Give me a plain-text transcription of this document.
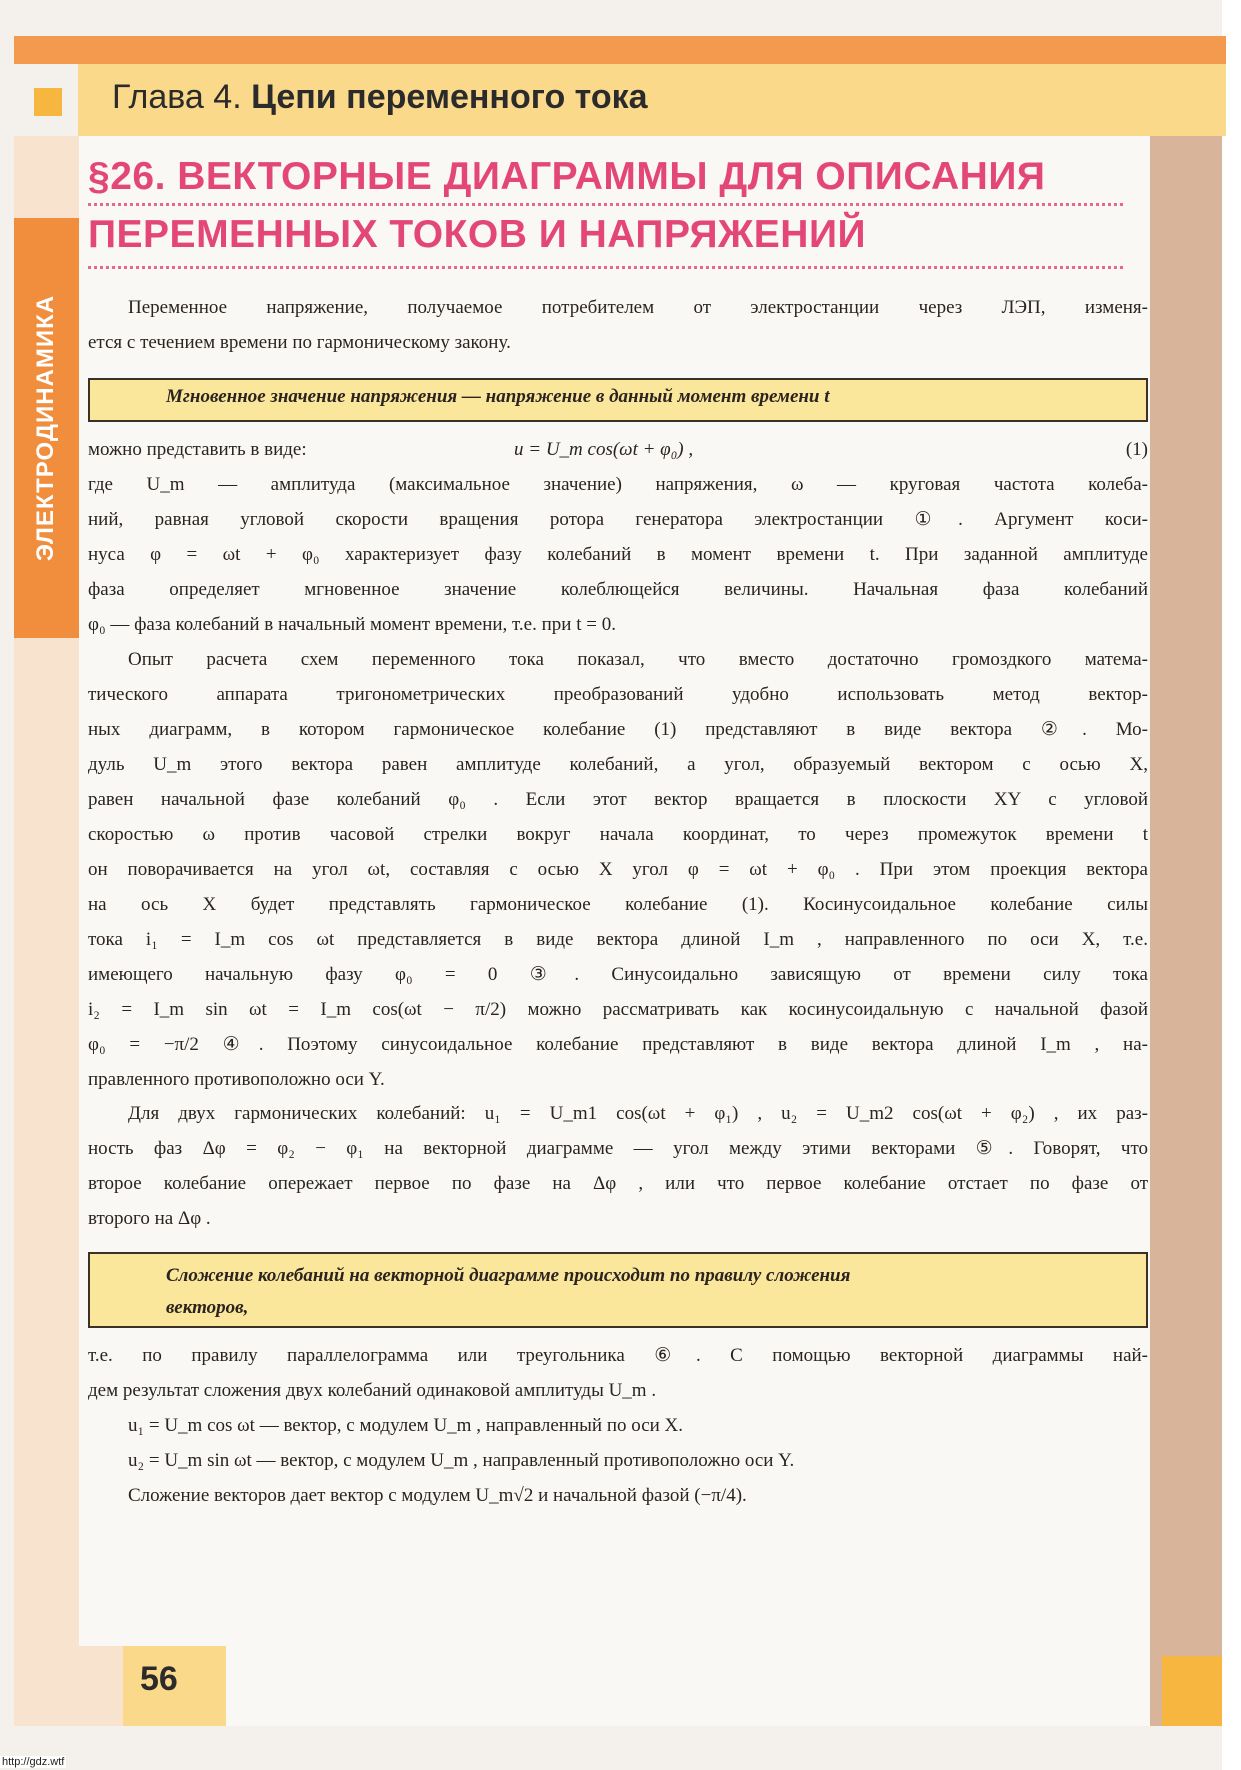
Глава 4. Цепи переменного тока
ЭЛЕКТРОДИНАМИКА
§26. ВЕКТОРНЫЕ ДИАГРАММЫ ДЛЯ ОПИСАНИЯ
ПЕРЕМЕННЫХ ТОКОВ И НАПРЯЖЕНИЙ
Переменное напряжение, получаемое потребителем от электростанции через ЛЭП, изменя-
ется с течением времени по гармоническому закону.
Мгновенное значение напряжения — напряжение в данный момент времени t
можно представить в виде:	u = U_m cos(ωt + φ₀) ,	(1)
где U_m — амплитуда (максимальное значение) напряжения, ω — круговая частота колеба-
ний, равная угловой скорости вращения ротора генератора электростанции ①. Аргумент коси-
нуса φ = ωt + φ₀ характеризует фазу колебаний в момент времени t. При заданной амплитуде
фаза определяет мгновенное значение колеблющейся величины. Начальная фаза колебаний
φ₀ — фаза колебаний в начальный момент времени, т.е. при t = 0.
Опыт расчета схем переменного тока показал, что вместо достаточно громоздкого матема-
тического аппарата тригонометрических преобразований удобно использовать метод вектор-
ных диаграмм, в котором гармоническое колебание (1) представляют в виде вектора ②. Мо-
дуль U_m этого вектора равен амплитуде колебаний, а угол, образуемый вектором с осью X,
равен начальной фазе колебаний φ₀ . Если этот вектор вращается в плоскости XY с угловой
скоростью ω против часовой стрелки вокруг начала координат, то через промежуток времени t
он поворачивается на угол ωt, составляя с осью X угол φ = ωt + φ₀ . При этом проекция вектора
на ось X будет представлять гармоническое колебание (1). Косинусоидальное колебание силы
тока i₁ = I_m cos ωt представляется в виде вектора длиной I_m , направленного по оси X, т.е.
имеющего начальную фазу φ₀ = 0 ③. Синусоидально зависящую от времени силу тока
i₂ = I_m sin ωt = I_m cos(ωt − π/2) можно рассматривать как косинусоидальную с начальной фазой
φ₀ = −π/2 ④. Поэтому синусоидальное колебание представляют в виде вектора длиной I_m , на-
правленного противоположно оси Y.
Для двух гармонических колебаний: u₁ = U_m1 cos(ωt + φ₁) , u₂ = U_m2 cos(ωt + φ₂) , их раз-
ность фаз Δφ = φ₂ − φ₁ на векторной диаграмме — угол между этими векторами ⑤. Говорят, что
второе колебание опережает первое по фазе на Δφ , или что первое колебание отстает по фазе от
второго на Δφ .
Сложение колебаний на векторной диаграмме происходит по правилу сложения
векторов,
т.е. по правилу параллелограмма или треугольника ⑥. С помощью векторной диаграммы най-
дем результат сложения двух колебаний одинаковой амплитуды U_m .
u₁ = U_m cos ωt — вектор, с модулем U_m , направленный по оси X.
u₂ = U_m sin ωt — вектор, с модулем U_m , направленный противоположно оси Y.
Сложение векторов дает вектор с модулем U_m√2 и начальной фазой (−π/4).
56
http://gdz.wtf
